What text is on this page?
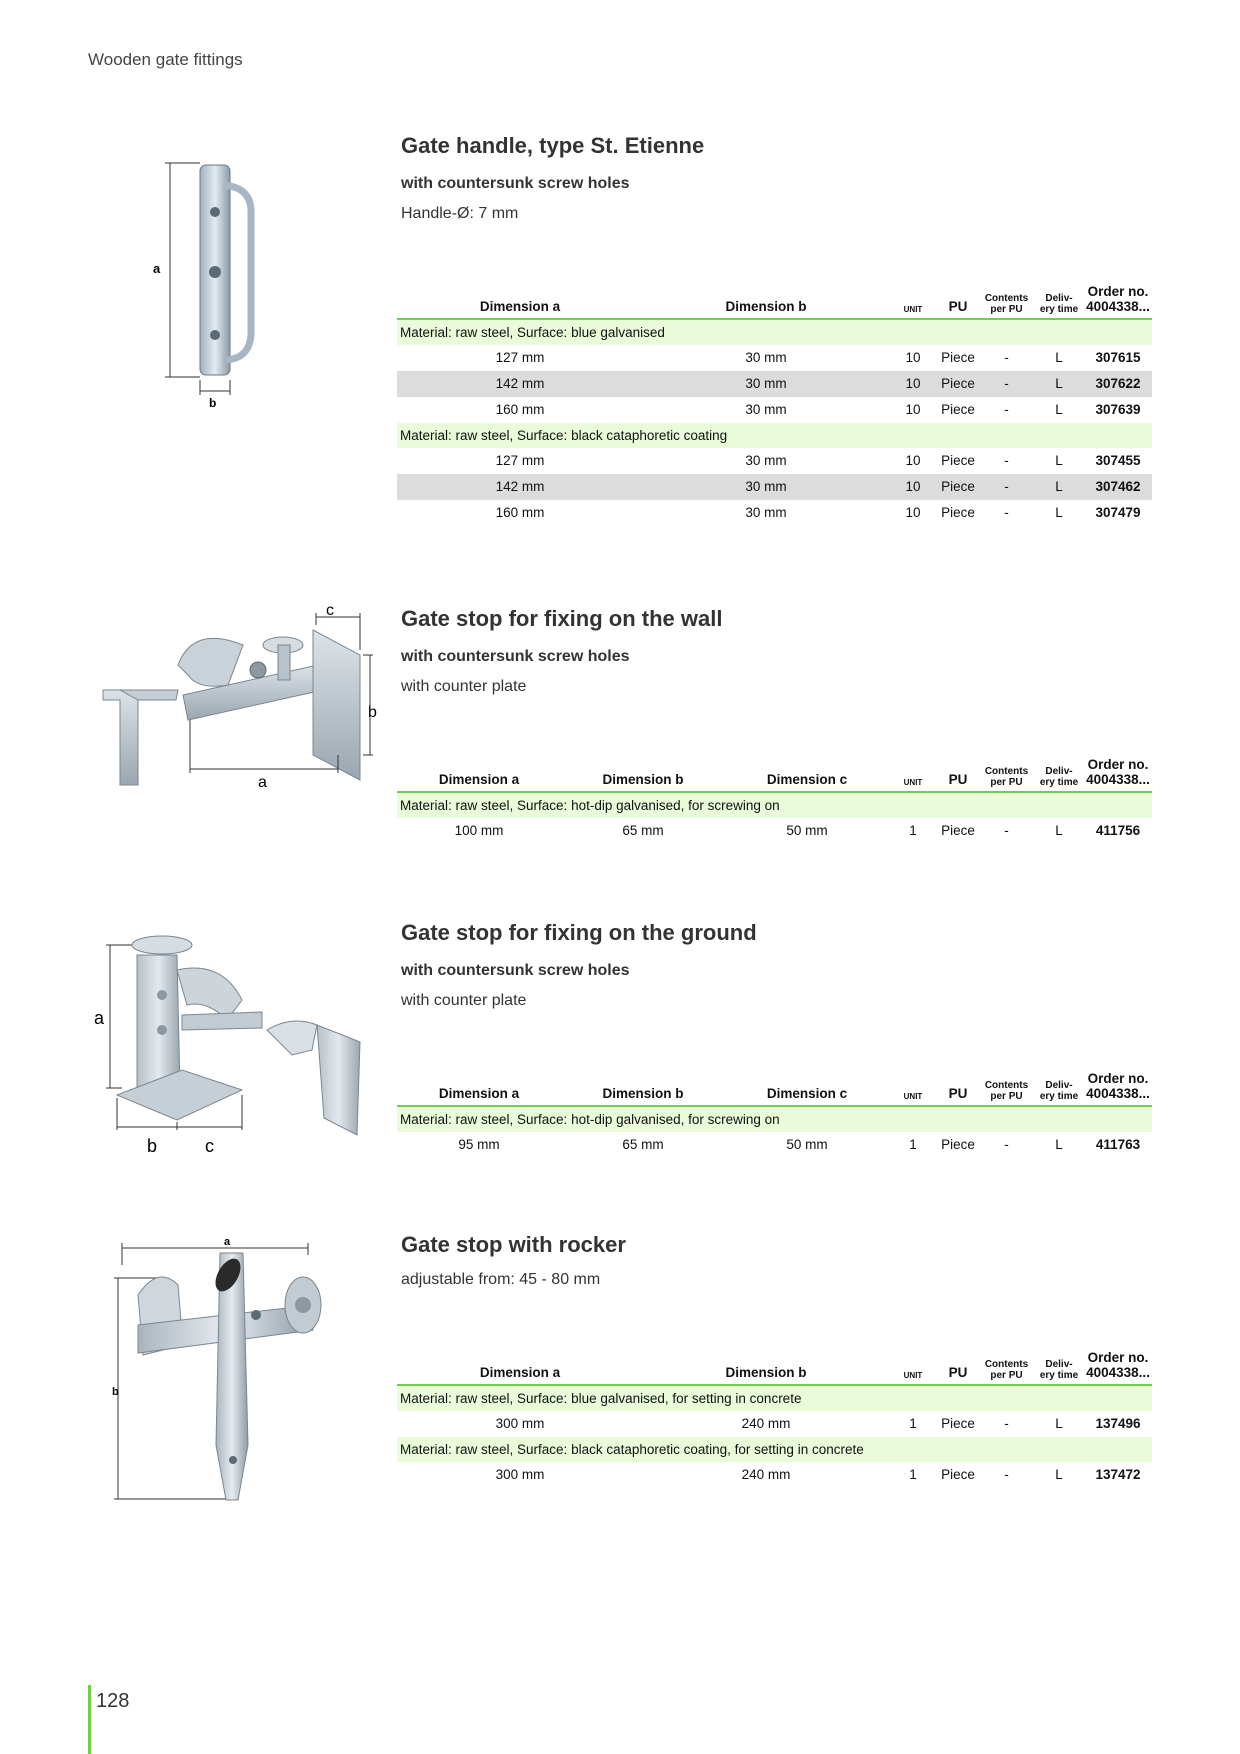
Wooden gate fittings
a
b
Gate handle, type St. Etienne
with countersunk screw holes
Handle-Ø: 7 mm
Dimension a	Dimension b	UNIT	PU	Contents
per PU	Deliv-
ery time	Order no.
4004338...
Material: raw steel, Surface: blue galvanised						
127 mm	30 mm	10	Piece	-	L	307615
142 mm	30 mm	10	Piece	-	L	307622
160 mm	30 mm	10	Piece	-	L	307639
Material: raw steel, Surface: black cataphoretic coating						
127 mm	30 mm	10	Piece	-	L	307455
142 mm	30 mm	10	Piece	-	L	307462
160 mm	30 mm	10	Piece	-	L	307479
c
b
a
Gate stop for fixing on the wall
with countersunk screw holes
with counter plate
Dimension a	Dimension b	Dimension c	UNIT	PU	Contents
per PU	Deliv-
ery time	Order no.
4004338...
Material: raw steel, Surface: hot-dip galvanised, for screwing on							
100 mm	65 mm	50 mm	1	Piece	-	L	411756
a
b	c
Gate stop for fixing on the ground
with countersunk screw holes
with counter plate
Dimension a	Dimension b	Dimension c	UNIT	PU	Contents
per PU	Deliv-
ery time	Order no.
4004338...
Material: raw steel, Surface: hot-dip galvanised, for screwing on							
95 mm	65 mm	50 mm	1	Piece	-	L	411763
a
b
Gate stop with rocker
adjustable from: 45 - 80 mm
Dimension a	Dimension b	UNIT	PU	Contents
per PU	Deliv-
ery time	Order no.
4004338...
Material: raw steel, Surface: blue galvanised, for setting in concrete						
300 mm	240 mm	1	Piece	-	L	137496
Material: raw steel, Surface: black cataphoretic coating, for setting in concrete						
300 mm	240 mm	1	Piece	-	L	137472
128
